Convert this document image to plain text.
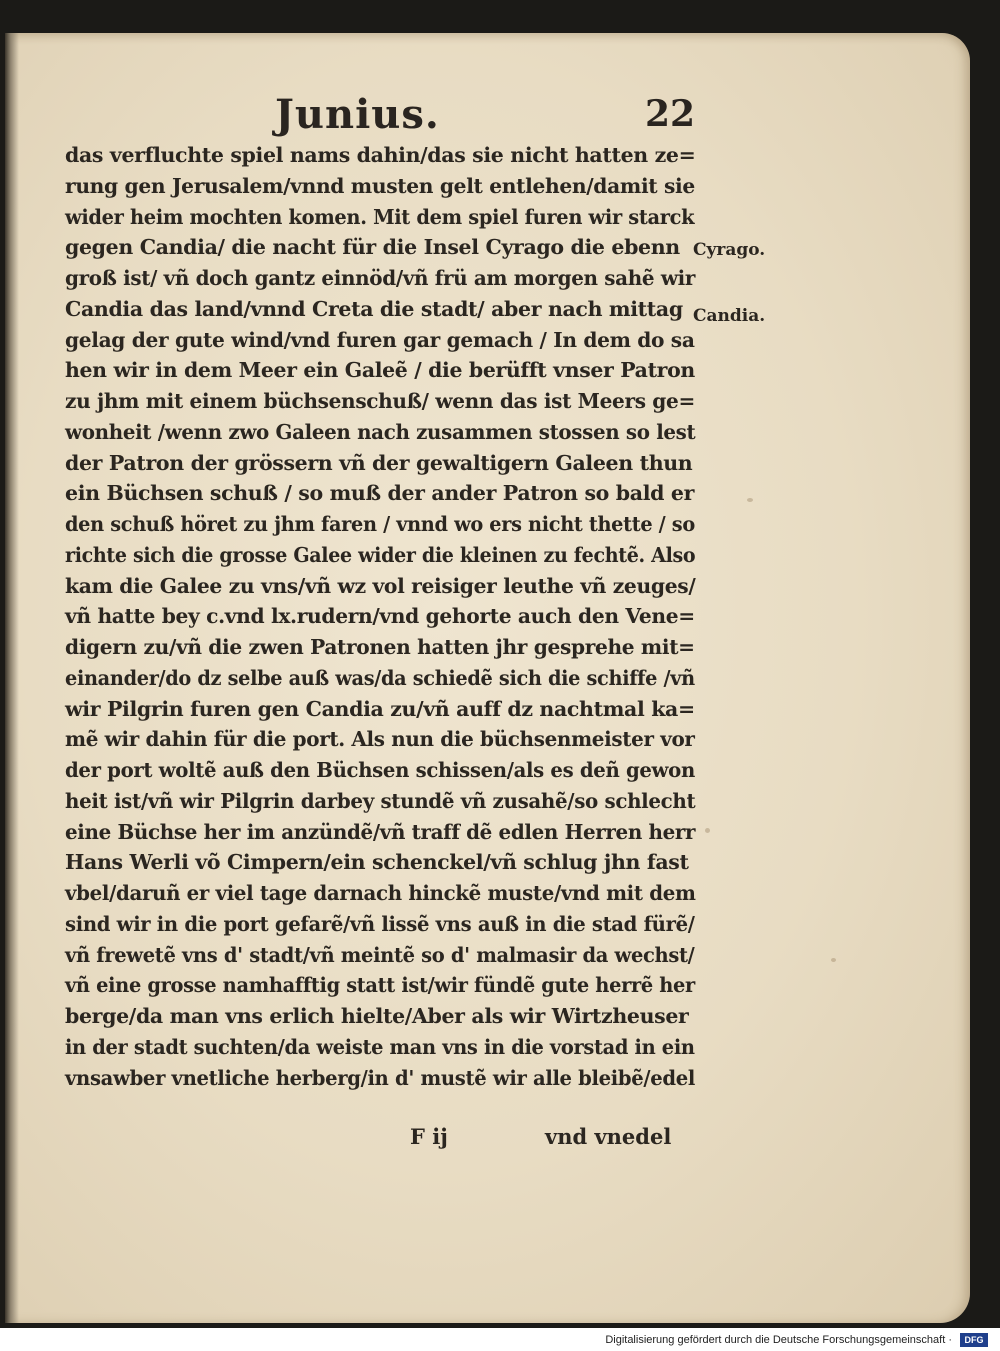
Junius.	22
das verfluchte spiel nams dahin/das sie nicht hatten ze=
rung gen Jerusalem/vnnd musten gelt entlehen/damit sie
wider heim mochten komen. Mit dem spiel furen wir starck
gegen Candia/ die nacht für die Insel Cyrago die ebenn
groß ist/ vñ doch gantz einnöd/vñ frü am morgen sahẽ wir
Candia das land/vnnd Creta die stadt/ aber nach mittag
gelag der gute wind/vnd furen gar gemach / In dem do sa
hen wir in dem Meer ein Galeẽ / die berüfft vnser Patron
zu jhm mit einem büchsenschuß/ wenn das ist Meers ge=
wonheit /wenn zwo Galeen nach zusammen stossen so lest
der Patron der grössern vñ der gewaltigern Galeen thun
ein Büchsen schuß / so muß der ander Patron so bald er
den schuß höret zu jhm faren / vnnd wo ers nicht thette / so
richte sich die grosse Galee wider die kleinen zu fechtẽ. Also
kam die Galee zu vns/vñ wz vol reisiger leuthe vñ zeuges/
vñ hatte bey c.vnd lx.rudern/vnd gehorte auch den Vene=
digern zu/vñ die zwen Patronen hatten jhr gesprehe mit=
einander/do dz selbe auß was/da schiedẽ sich die schiffe /vñ
wir Pilgrin furen gen Candia zu/vñ auff dz nachtmal ka=
mẽ wir dahin für die port. Als nun die büchsenmeister vor
der port woltẽ auß den Büchsen schissen/als es deñ gewon
heit ist/vñ wir Pilgrin darbey stundẽ vñ zusahẽ/so schlecht
eine Büchse her im anzündẽ/vñ traff dẽ edlen Herren herr
Hans Werli võ Cimpern/ein schenckel/vñ schlug jhn fast
vbel/daruñ er viel tage darnach hinckẽ muste/vnd mit dem
sind wir in die port gefarẽ/vñ lissẽ vns auß in die stad fürẽ/
vñ frewetẽ vns d' stadt/vñ meintẽ so d' malmasir da wechst/
vñ eine grosse namhafftig statt ist/wir fündẽ gute herrẽ her
berge/da man vns erlich hielte/Aber als wir Wirtzheuser
in der stadt suchten/da weiste man vns in die vorstad in ein
vnsawber vnetliche herberg/in d' mustẽ wir alle bleibẽ/edel
Cyrago.
Candia.
F ij	vnd vnedel
Digitalisierung gefördert durch die Deutsche Forschungsgemeinschaft ·	DFG
